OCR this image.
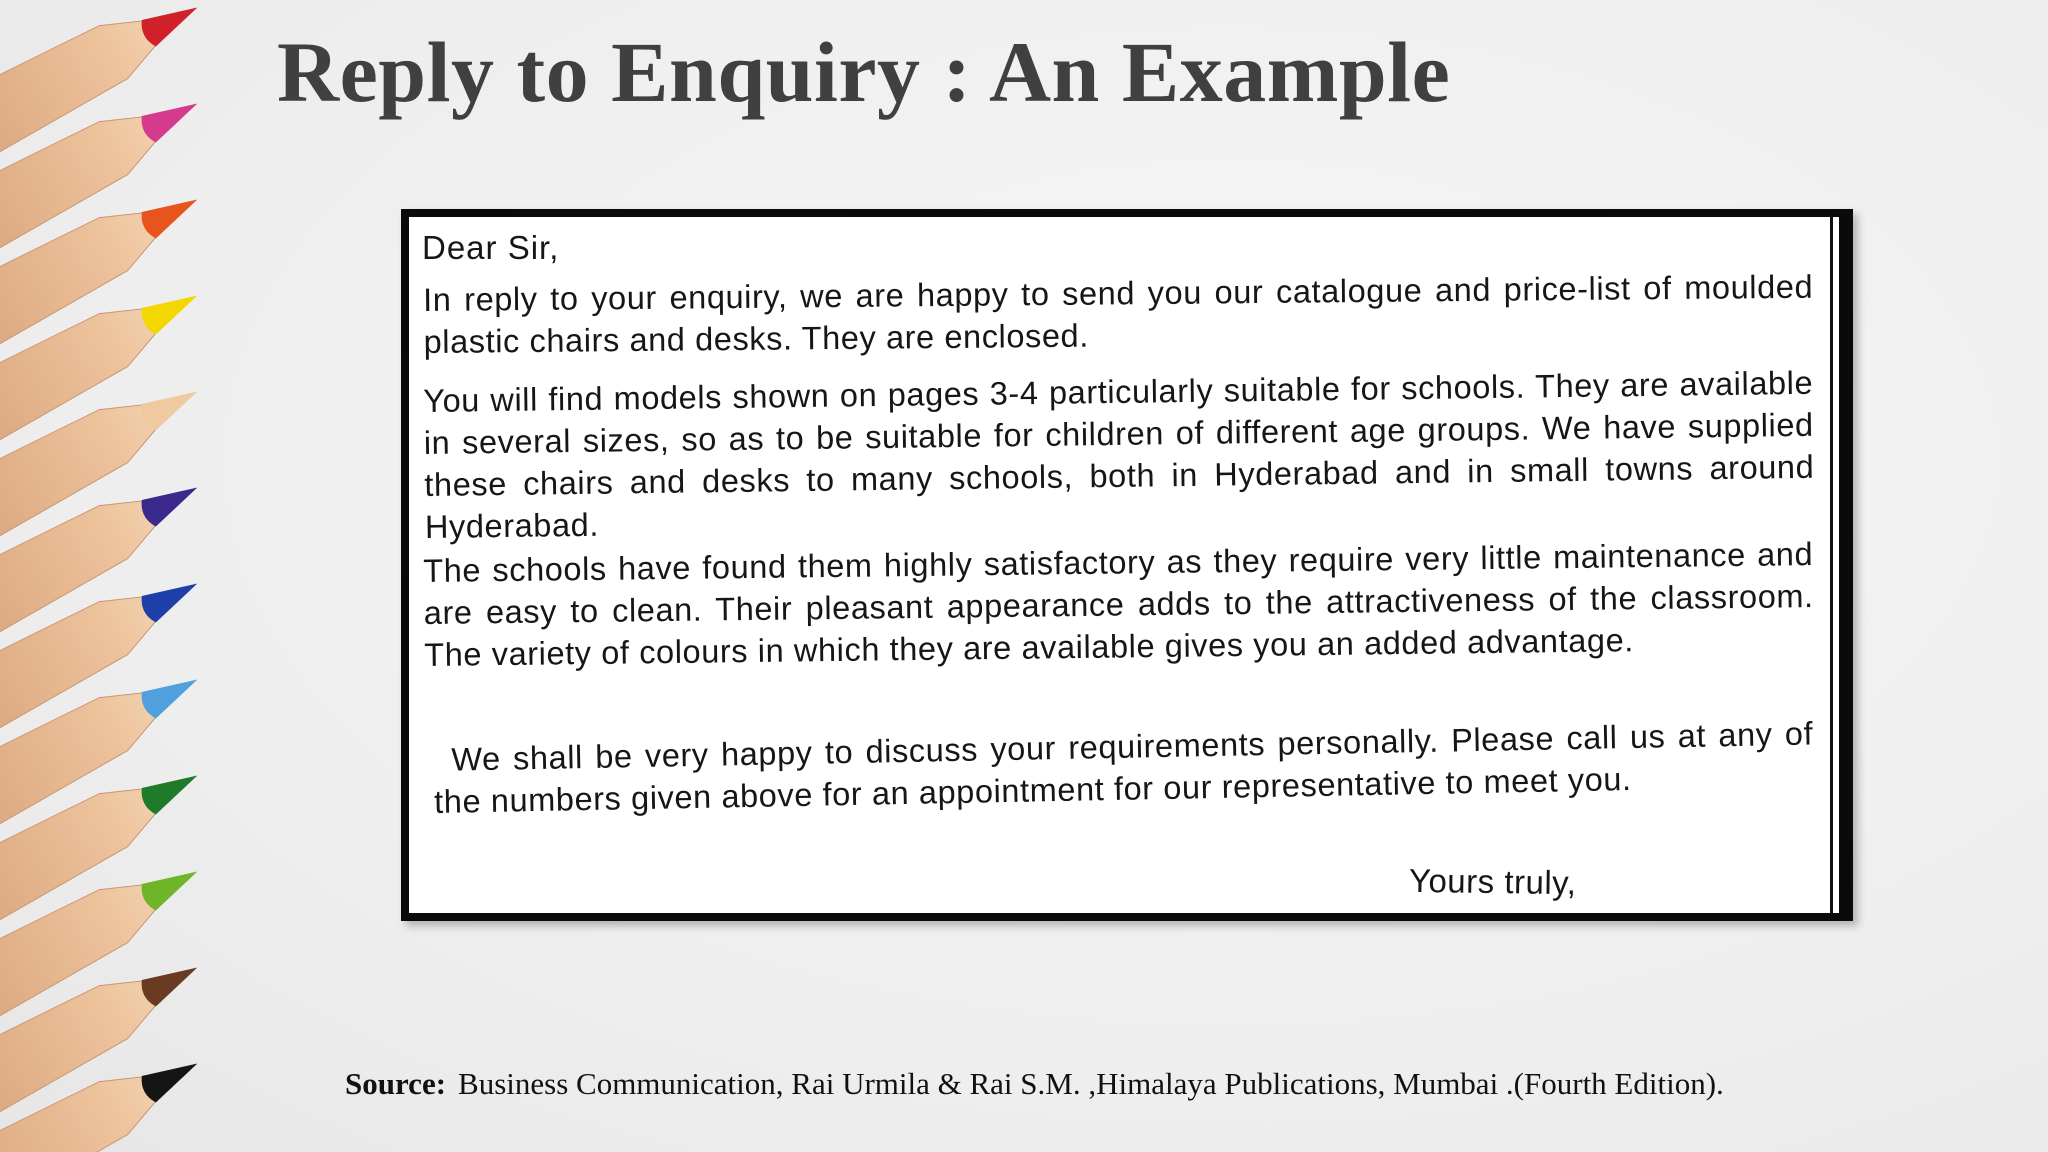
Reply to Enquiry : An Example
Dear Sir,

In reply to your enquiry, we are happy to send you our catalogue and price-list of moulded plastic chairs and desks. They are enclosed.

You will find models shown on pages 3-4 particularly suitable for schools. They are available in several sizes, so as to be suitable for children of different age groups. We have supplied these chairs and desks to many schools, both in Hyderabad and in small towns around Hyderabad.

The schools have found them highly satisfactory as they require very little maintenance and are easy to clean. Their pleasant appearance adds to the attractiveness of the classroom. The variety of colours in which they are available gives you an added advantage.

We shall be very happy to discuss your requirements personally. Please call us at any of the numbers given above for an appointment for our representative to meet you.

Yours truly,

Source: Business Communication, Rai Urmila & Rai S.M. ,Himalaya Publications, Mumbai .(Fourth Edition).
